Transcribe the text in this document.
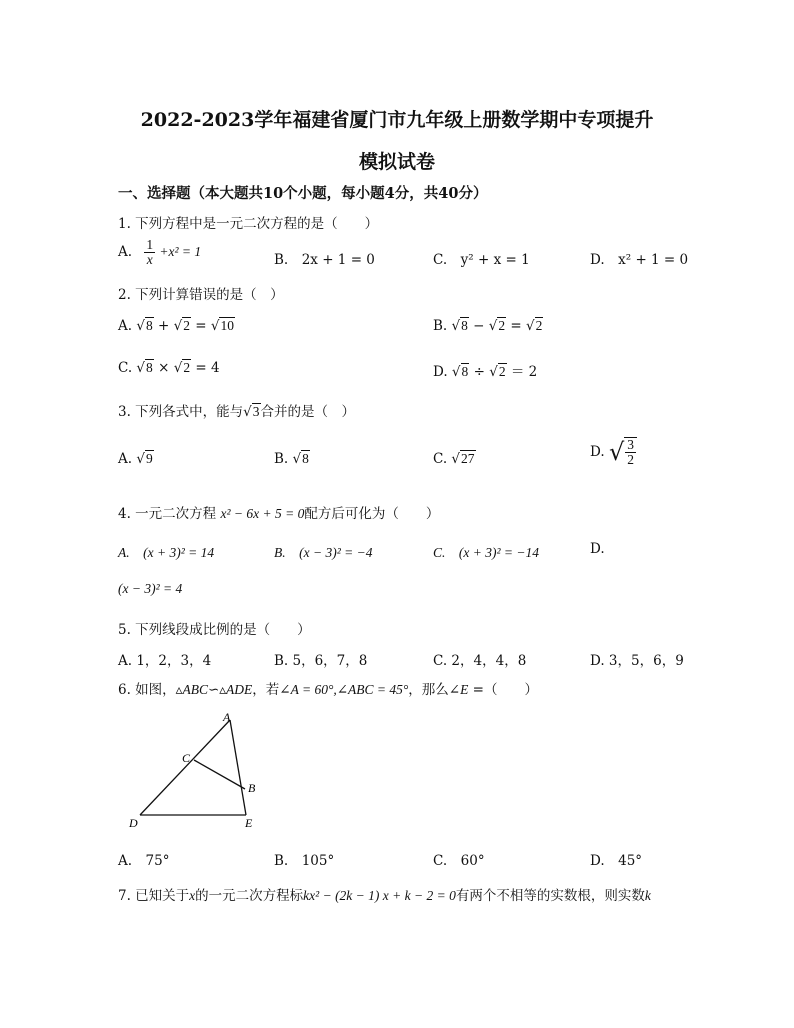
2022-2023学年福建省厦门市九年级上册数学期中专项提升
模拟试卷
一、选择题（本大题共10个小题，每小题4分，共40分）
1. 下列方程中是一元二次方程的是（　　）
A. $\frac{1}{x} +x^2 = 1$
B.　2x + 1 = 0	C.　y² + x = 1	D.　x² + 1 = 0
2. 下列计算错误的是（　）
A. √8 + √2 = √10	B. √8 − √2 = √2
C. √8 × √2 = 4	D. √8 ÷ √2 ＝ 2
3. 下列各式中，能与√3合并的是（　）
A. √9	B. √8	C. √27	D. √ $\frac{3}{2}$
4. 一元二次方程 x² − 6x + 5 = 0配方后可化为（　　）
A.　(x + 3)² = 14	B.　(x − 3)² = −4	C.　(x + 3)² = −14	D.
(x − 3)² = 4
5. 下列线段成比例的是（　　）
A. 1，2，3，4	B. 5，6，7，8	C. 2，4，4，8	D. 3，5，6，9
6. 如图，▵ABC∽▵ADE，若∠A = 60°,∠ABC = 45°，那么∠E =（　　）
A
C
B
D	E
A.　75°	B.　105°	C.　60°	D.　45°
7. 已知关于x的一元二次方程标kx² − (2k − 1) x + k − 2 = 0有两个不相等的实数根，则实数k
